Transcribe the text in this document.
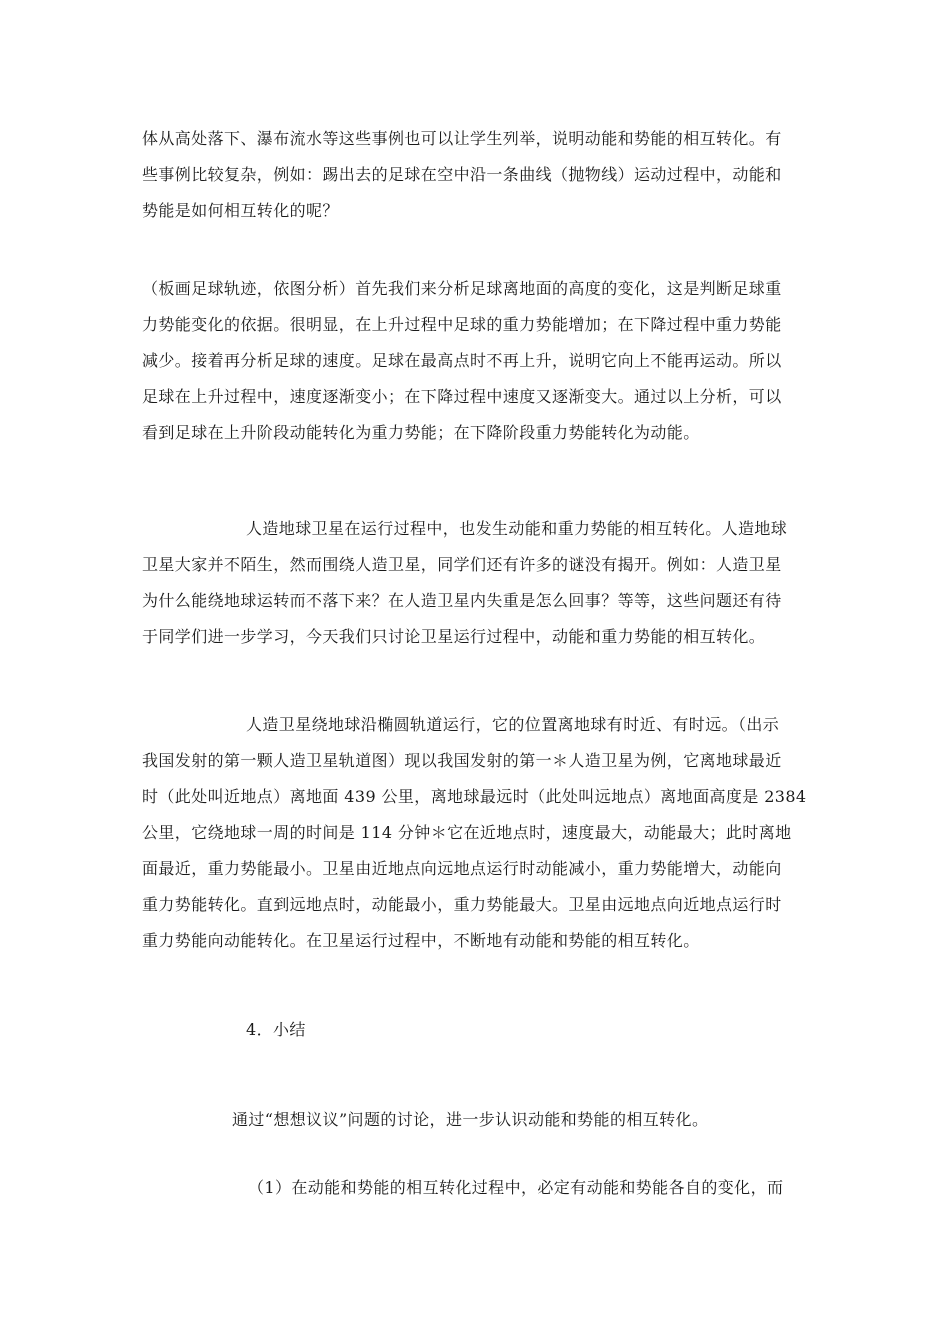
体从高处落下、瀑布流水等这些事例也可以让学生列举，说明动能和势能的相互转化。有
些事例比较复杂，例如：踢出去的足球在空中沿一条曲线（抛物线）运动过程中，动能和
势能是如何相互转化的呢？

（板画足球轨迹，依图分析）首先我们来分析足球离地面的高度的变化，这是判断足球重
力势能变化的依据。很明显，在上升过程中足球的重力势能增加；在下降过程中重力势能
减少。接着再分析足球的速度。足球在最高点时不再上升，说明它向上不能再运动。所以
足球在上升过程中，速度逐渐变小；在下降过程中速度又逐渐变大。通过以上分析，可以
看到足球在上升阶段动能转化为重力势能；在下降阶段重力势能转化为动能。

人造地球卫星在运行过程中，也发生动能和重力势能的相互转化。人造地球
卫星大家并不陌生，然而围绕人造卫星，同学们还有许多的谜没有揭开。例如：人造卫星
为什么能绕地球运转而不落下来？在人造卫星内失重是怎么回事？等等，这些问题还有待
于同学们进一步学习，今天我们只讨论卫星运行过程中，动能和重力势能的相互转化。

人造卫星绕地球沿椭圆轨道运行，它的位置离地球有时近、有时远。（出示
我国发射的第一颗人造卫星轨道图）现以我国发射的第一＊人造卫星为例，它离地球最近
时（此处叫近地点）离地面 439 公里，离地球最远时（此处叫远地点）离地面高度是 2384
公里，它绕地球一周的时间是 114 分钟＊它在近地点时，速度最大，动能最大；此时离地
面最近，重力势能最小。卫星由近地点向远地点运行时动能减小，重力势能增大，动能向
重力势能转化。直到远地点时，动能最小，重力势能最大。卫星由远地点向近地点运行时
重力势能向动能转化。在卫星运行过程中，不断地有动能和势能的相互转化。

4．小结

通过“想想议议”问题的讨论，进一步认识动能和势能的相互转化。

（1）在动能和势能的相互转化过程中，必定有动能和势能各自的变化，而
